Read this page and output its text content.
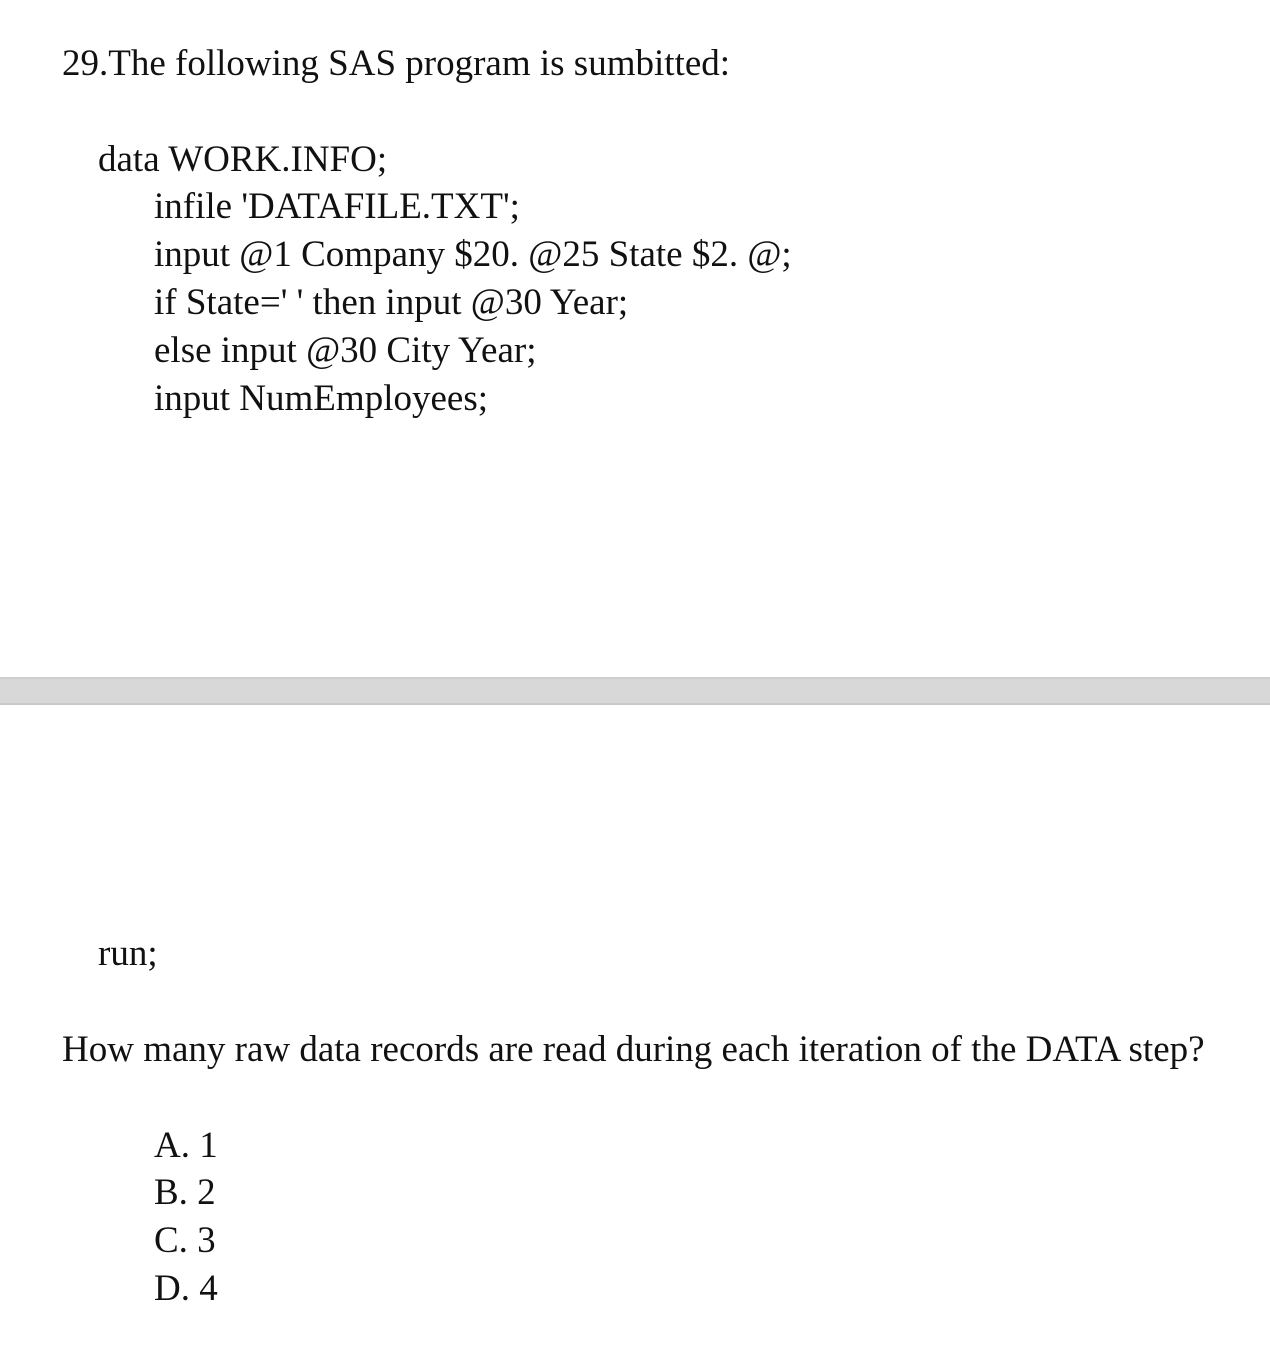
29.The following SAS program is sumbitted:

data WORK.INFO;

infile 'DATAFILE.TXT';

input @1 Company $20. @25 State $2. @;

if State=' ' then input @30 Year;

else input @30 City Year;

input NumEmployees;

run;

How many raw data records are read during each iteration of the DATA step?

A. 1

B. 2

C. 3

D. 4
